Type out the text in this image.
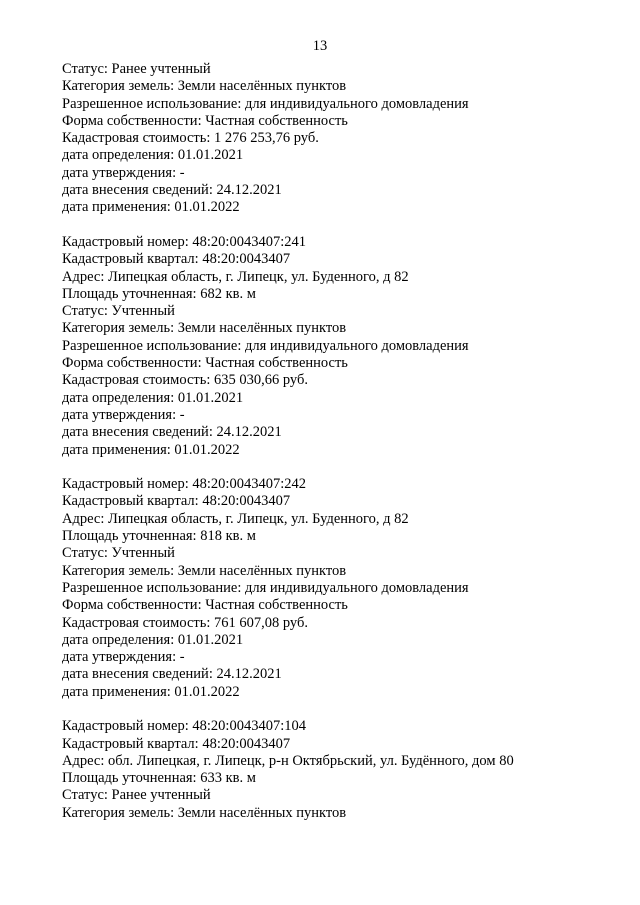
13
Статус: Ранее учтенный
Категория земель: Земли населённых пунктов
Разрешенное использование: для индивидуального домовладения
Форма собственности: Частная собственность
Кадастровая стоимость: 1 276 253,76 руб.
дата определения: 01.01.2021
дата утверждения: -
дата внесения сведений: 24.12.2021
дата применения: 01.01.2022
Кадастровый номер: 48:20:0043407:241
Кадастровый квартал: 48:20:0043407
Адрес: Липецкая область, г. Липецк, ул. Буденного, д 82
Площадь уточненная: 682 кв. м
Статус: Учтенный
Категория земель: Земли населённых пунктов
Разрешенное использование: для индивидуального домовладения
Форма собственности: Частная собственность
Кадастровая стоимость: 635 030,66 руб.
дата определения: 01.01.2021
дата утверждения: -
дата внесения сведений: 24.12.2021
дата применения: 01.01.2022
Кадастровый номер: 48:20:0043407:242
Кадастровый квартал: 48:20:0043407
Адрес: Липецкая область, г. Липецк, ул. Буденного, д 82
Площадь уточненная: 818 кв. м
Статус: Учтенный
Категория земель: Земли населённых пунктов
Разрешенное использование: для индивидуального домовладения
Форма собственности: Частная собственность
Кадастровая стоимость: 761 607,08 руб.
дата определения: 01.01.2021
дата утверждения: -
дата внесения сведений: 24.12.2021
дата применения: 01.01.2022
Кадастровый номер: 48:20:0043407:104
Кадастровый квартал: 48:20:0043407
Адрес: обл. Липецкая, г. Липецк, р-н Октябрьский, ул. Будённого, дом 80
Площадь уточненная: 633 кв. м
Статус: Ранее учтенный
Категория земель: Земли населённых пунктов
